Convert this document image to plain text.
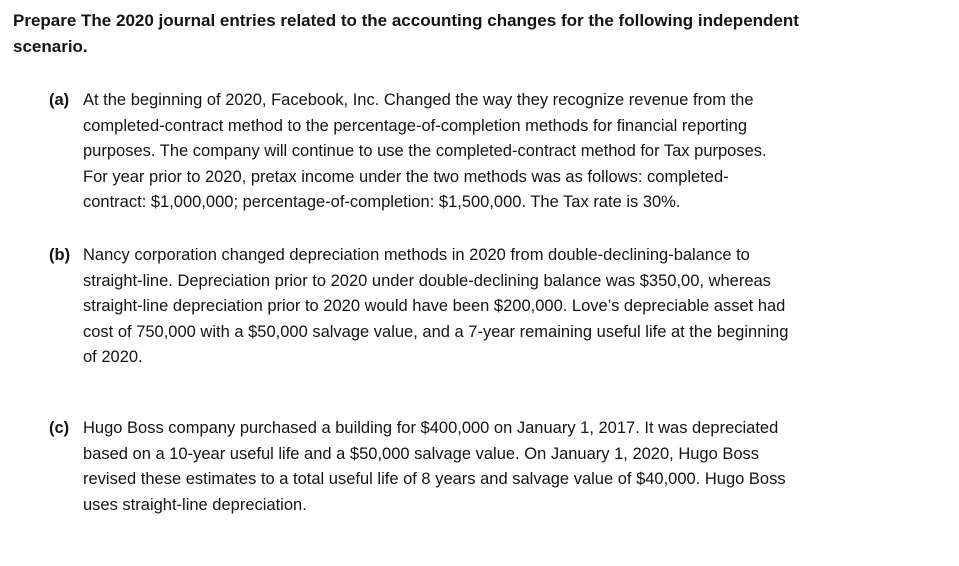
Prepare The 2020 journal entries related to the accounting changes for the following independent
scenario.
(a) At the beginning of 2020, Facebook, Inc. Changed the way they recognize revenue from the
completed-contract method to the percentage-of-completion methods for financial reporting
purposes. The company will continue to use the completed-contract method for Tax purposes.
For year prior to 2020, pretax income under the two methods was as follows: completed-
contract: $1,000,000; percentage-of-completion: $1,500,000. The Tax rate is 30%.
(b) Nancy corporation changed depreciation methods in 2020 from double-declining-balance to
straight-line. Depreciation prior to 2020 under double-declining balance was $350,00, whereas
straight-line depreciation prior to 2020 would have been $200,000. Love’s depreciable asset had
cost of 750,000 with a $50,000 salvage value, and a 7-year remaining useful life at the beginning
of 2020.
(c) Hugo Boss company purchased a building for $400,000 on January 1, 2017. It was depreciated
based on a 10-year useful life and a $50,000 salvage value. On January 1, 2020, Hugo Boss
revised these estimates to a total useful life of 8 years and salvage value of $40,000. Hugo Boss
uses straight-line depreciation.
